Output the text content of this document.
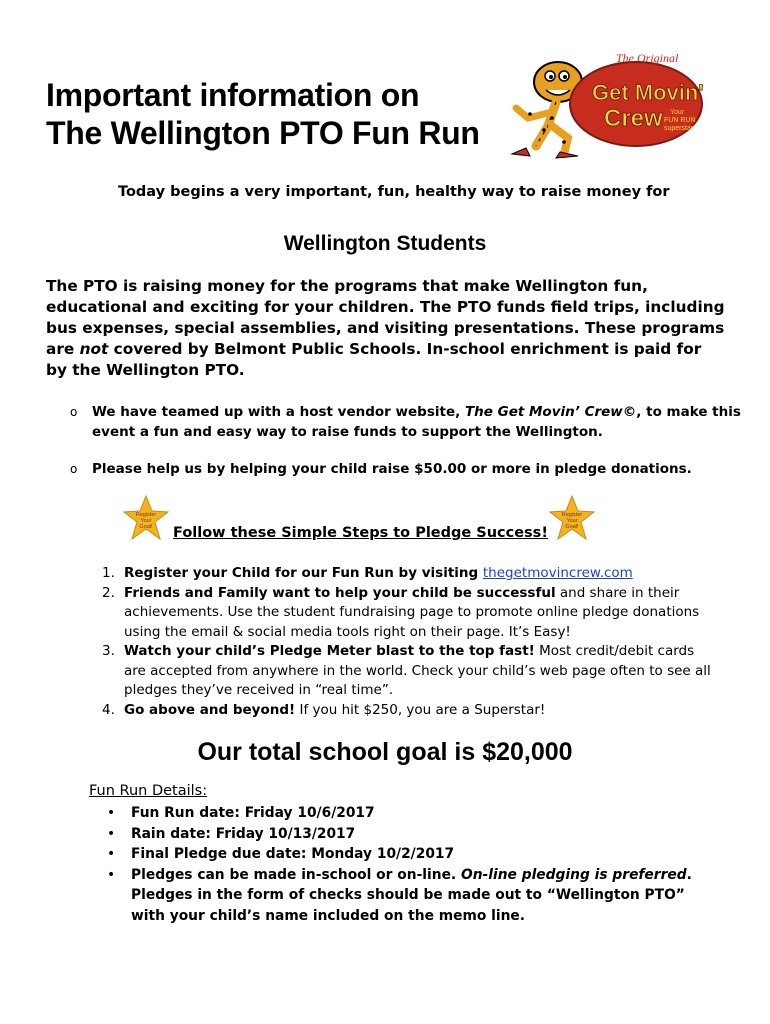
Important information on
The Wellington PTO Fun Run
The Original
Get Movin'
Crew Your
FUN RUN
superstar

Today begins a very important, fun, healthy way to raise money for

Wellington Students

The PTO is raising money for the programs that make Wellington fun, educational and exciting for your children. The PTO funds field trips, including bus expenses, special assemblies, and visiting presentations. These programs are not covered by Belmont Public Schools. In-school enrichment is paid for by the Wellington PTO.

o We have teamed up with a host vendor website, The Get Movin’ Crew©, to make this event a fun and easy way to raise funds to support the Wellington.

o Please help us by helping your child raise $50.00 or more in pledge donations.

Register
Your
Goal!
Register
Your
Goal!

Follow these Simple Steps to Pledge Success!

1. Register your Child for our Fun Run by visiting thegetmovincrew.com
2. Friends and Family want to help your child be successful and share in their achievements. Use the student fundraising page to promote online pledge donations using the email & social media tools right on their page. It’s Easy!
3. Watch your child’s Pledge Meter blast to the top fast! Most credit/debit cards are accepted from anywhere in the world. Check your child’s web page often to see all pledges they’ve received in “real time”.
4. Go above and beyond! If you hit $250, you are a Superstar!
Our total school goal is $20,000

Fun Run Details:

• Fun Run date: Friday 10/6/2017
• Rain date: Friday 10/13/2017
• Final Pledge due date: Monday 10/2/2017
• Pledges can be made in-school or on-line. On-line pledging is preferred. Pledges in the form of checks should be made out to “Wellington PTO” with your child’s name included on the memo line.
